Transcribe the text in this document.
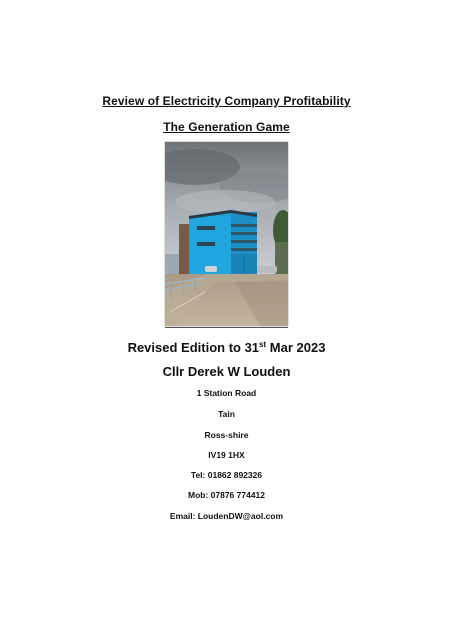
Review of Electricity Company Profitability
The Generation Game
Revised Edition to 31st Mar 2023
Cllr Derek W Louden
1 Station Road
Tain
Ross-shire
IV19 1HX
Tel: 01862 892326
Mob: 07876 774412
Email: LoudenDW@aol.com
